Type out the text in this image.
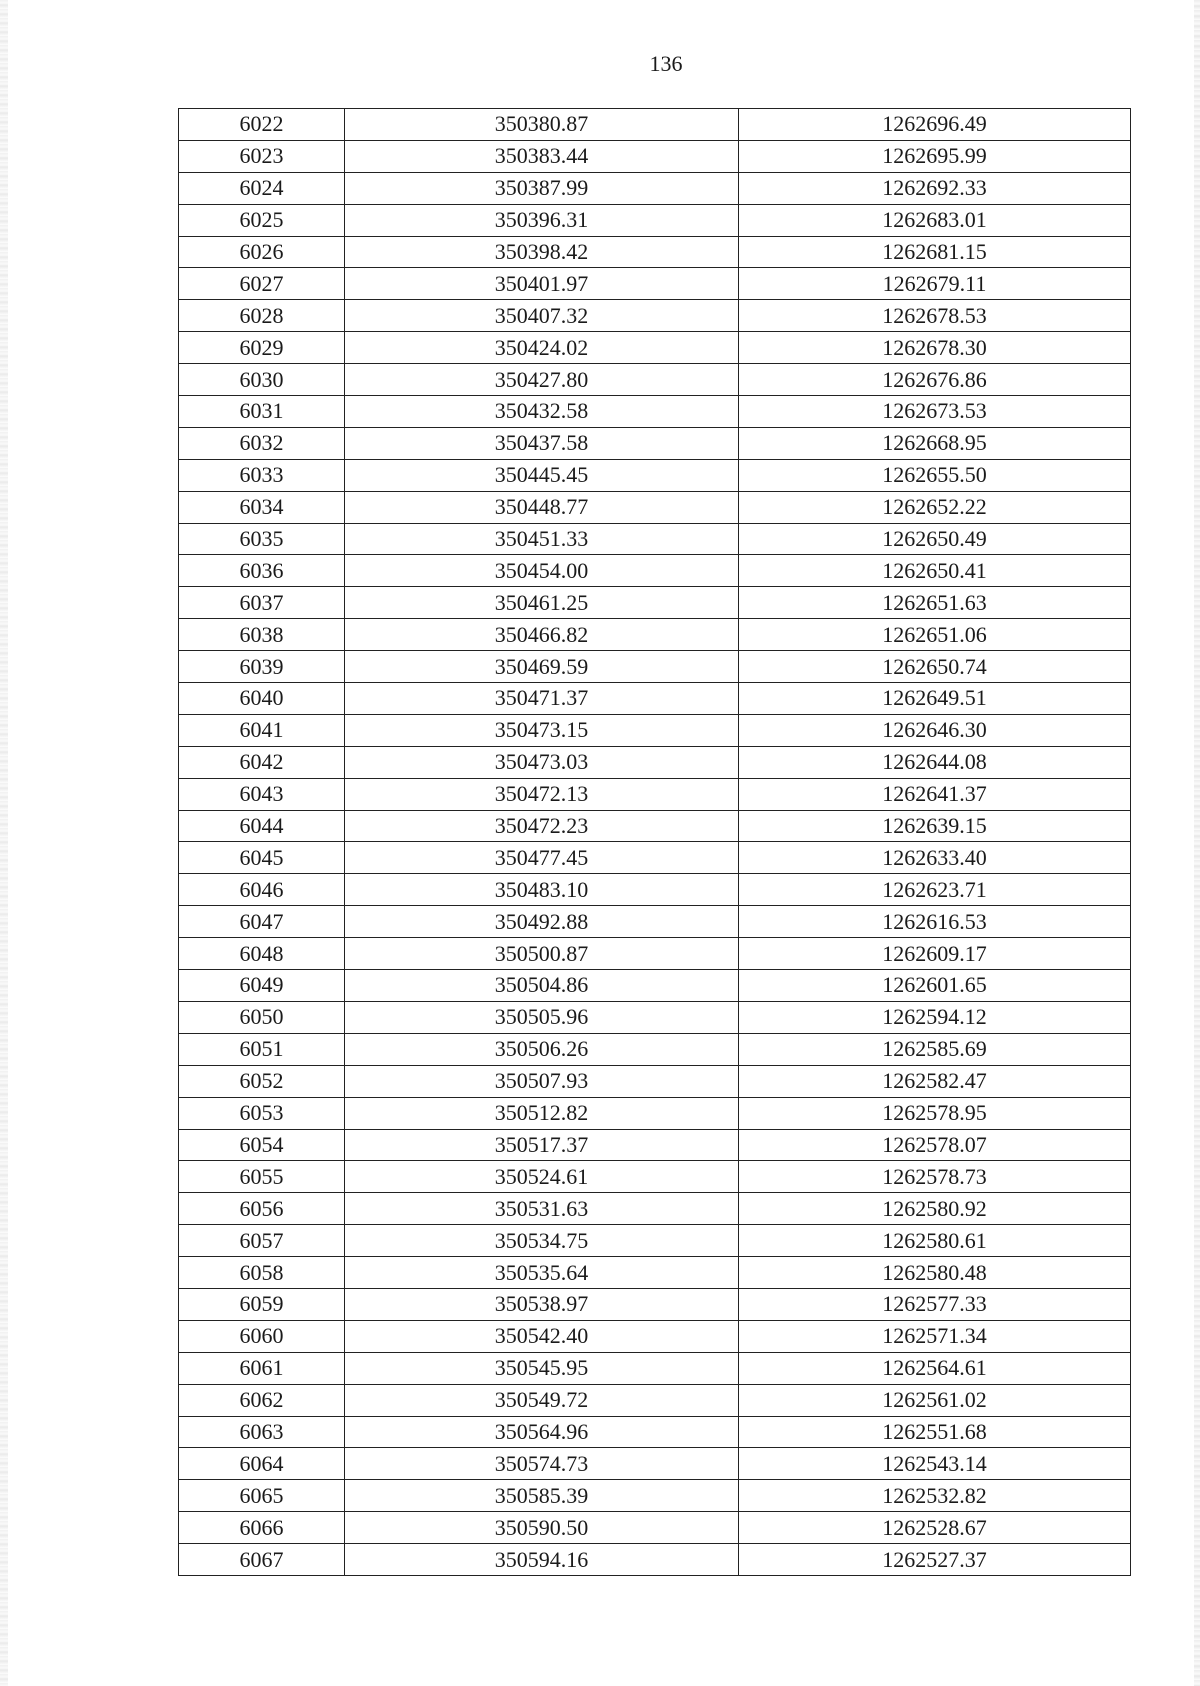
136
6022	350380.87	1262696.49
6023	350383.44	1262695.99
6024	350387.99	1262692.33
6025	350396.31	1262683.01
6026	350398.42	1262681.15
6027	350401.97	1262679.11
6028	350407.32	1262678.53
6029	350424.02	1262678.30
6030	350427.80	1262676.86
6031	350432.58	1262673.53
6032	350437.58	1262668.95
6033	350445.45	1262655.50
6034	350448.77	1262652.22
6035	350451.33	1262650.49
6036	350454.00	1262650.41
6037	350461.25	1262651.63
6038	350466.82	1262651.06
6039	350469.59	1262650.74
6040	350471.37	1262649.51
6041	350473.15	1262646.30
6042	350473.03	1262644.08
6043	350472.13	1262641.37
6044	350472.23	1262639.15
6045	350477.45	1262633.40
6046	350483.10	1262623.71
6047	350492.88	1262616.53
6048	350500.87	1262609.17
6049	350504.86	1262601.65
6050	350505.96	1262594.12
6051	350506.26	1262585.69
6052	350507.93	1262582.47
6053	350512.82	1262578.95
6054	350517.37	1262578.07
6055	350524.61	1262578.73
6056	350531.63	1262580.92
6057	350534.75	1262580.61
6058	350535.64	1262580.48
6059	350538.97	1262577.33
6060	350542.40	1262571.34
6061	350545.95	1262564.61
6062	350549.72	1262561.02
6063	350564.96	1262551.68
6064	350574.73	1262543.14
6065	350585.39	1262532.82
6066	350590.50	1262528.67
6067	350594.16	1262527.37
